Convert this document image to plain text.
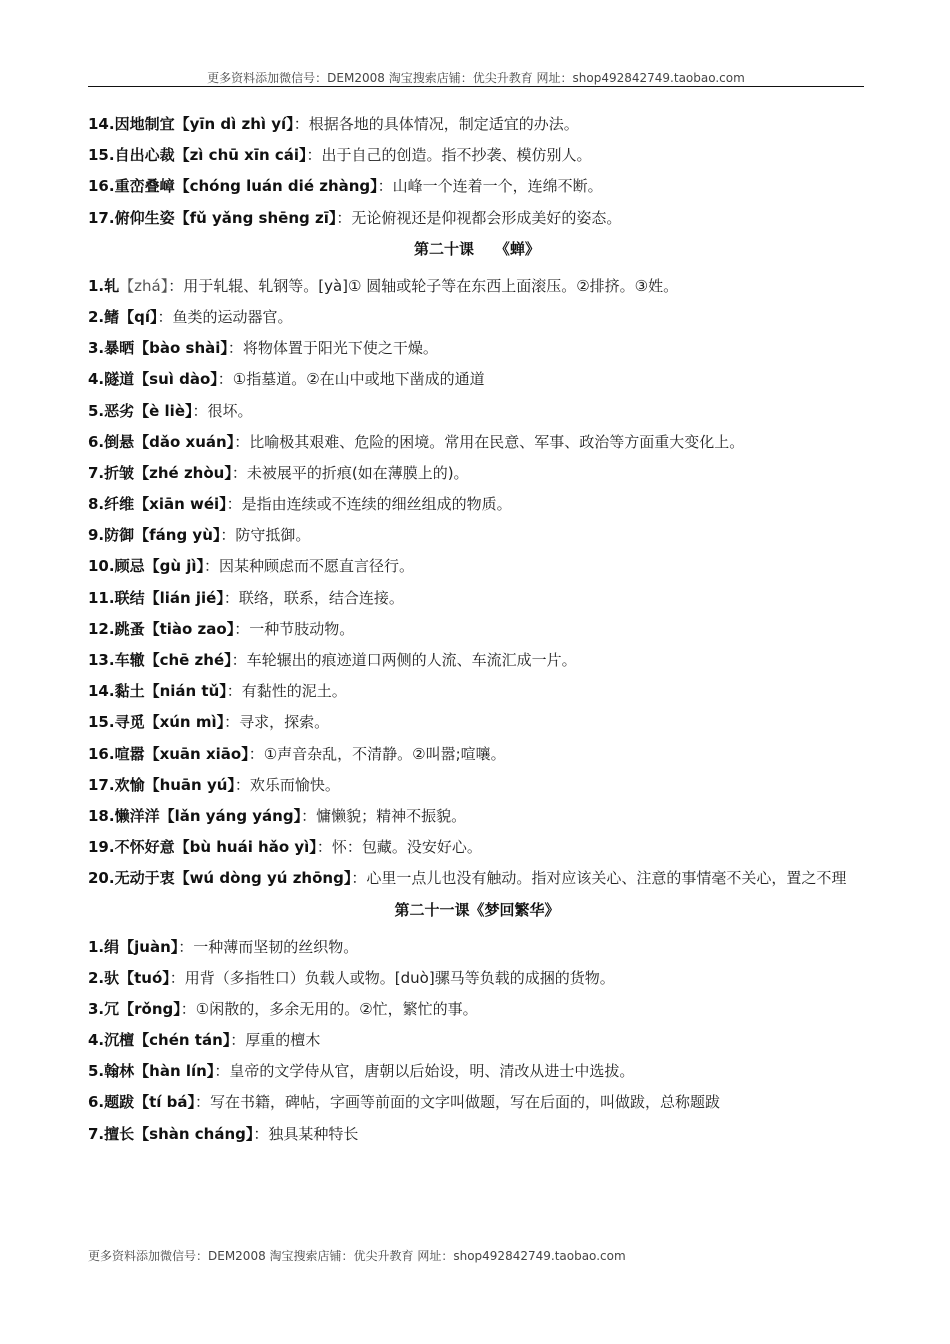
更多资料添加微信号：DEM2008 淘宝搜索店铺：优尖升教育 网址：shop492842749.taobao.com
14.因地制宜【yīn dì zhì yí】：根据各地的具体情况，制定适宜的办法。
15.自出心裁【zì chū xīn cái】：出于自己的创造。指不抄袭、模仿别人。
16.重峦叠嶂【chóng luán dié zhàng】：山峰一个连着一个，连绵不断。
17.俯仰生姿【fǔ yǎng shēng zī】：无论俯视还是仰视都会形成美好的姿态。
第二十课    《蝉》
1.轧【zhá】：用于轧辊、轧钢等。[yà]① 圆轴或轮子等在东西上面滚压。②排挤。③姓。
2.鳍【qí】：鱼类的运动器官。
3.暴晒【bào shài】：将物体置于阳光下使之干燥。
4.隧道【suì dào】：①指墓道。②在山中或地下凿成的通道
5.恶劣【è liè】：很坏。
6.倒悬【dǎo xuán】：比喻极其艰难、危险的困境。常用在民意、军事、政治等方面重大变化上。
7.折皱【zhé zhòu】：未被展平的折痕(如在薄膜上的)。
8.纤维【xiān wéi】：是指由连续或不连续的细丝组成的物质。
9.防御【fáng yù】：防守抵御。
10.顾忌【gù jì】：因某种顾虑而不愿直言径行。
11.联结【lián jié】：联络，联系，结合连接。
12.跳蚤【tiào zao】：一种节肢动物。
13.车辙【chē zhé】：车轮辗出的痕迹道口两侧的人流、车流汇成一片。
14.黏土【nián tǔ】：有黏性的泥土。
15.寻觅【xún mì】：寻求，探索。
16.喧嚣【xuān xiāo】：①声音杂乱，不清静。②叫嚣;喧嚷。
17.欢愉【huān yú】：欢乐而愉快。
18.懒洋洋【lǎn yáng yáng】：慵懒貌；精神不振貌。
19.不怀好意【bù huái hǎo yì】：怀：包藏。没安好心。
20.无动于衷【wú dòng yú zhōng】：心里一点儿也没有触动。指对应该关心、注意的事情毫不关心，置之不理
第二十一课《梦回繁华》
1.绢【juàn】：一种薄而坚韧的丝织物。
2.驮【tuó】：用背（多指牲口）负载人或物。[duò]骡马等负载的成捆的货物。
3.冗【rǒng】：①闲散的，多余无用的。②忙，繁忙的事。
4.沉檀【chén tán】：厚重的檀木
5.翰林【hàn lín】：皇帝的文学侍从官，唐朝以后始设，明、清改从进士中选拔。
6.题跋【tí bá】：写在书籍，碑帖，字画等前面的文字叫做题，写在后面的，叫做跋，总称题跋
7.擅长【shàn cháng】：独具某种特长
更多资料添加微信号：DEM2008 淘宝搜索店铺：优尖升教育 网址：shop492842749.taobao.com
